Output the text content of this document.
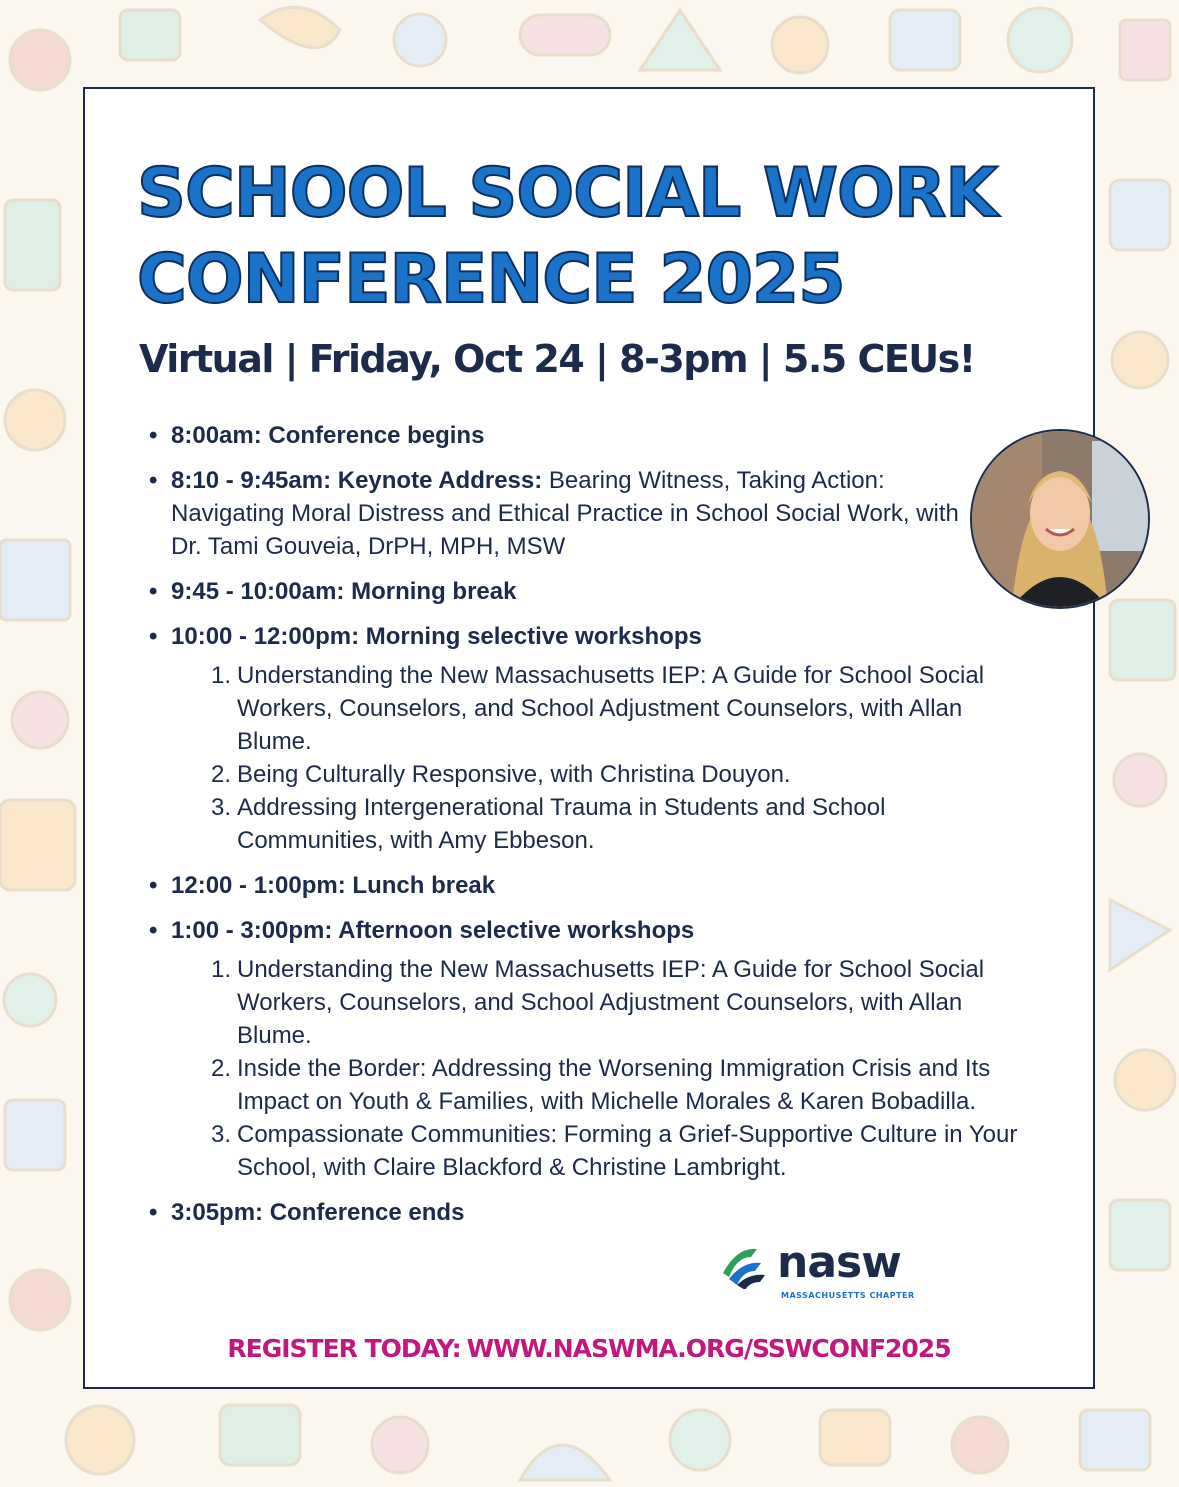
SCHOOL SOCIAL WORK
CONFERENCE 2025
Virtual | Friday, Oct 24 | 8-3pm | 5.5 CEUs!
• 8:00am: Conference begins
• 8:10 - 9:45am: Keynote Address: Bearing Witness, Taking Action: Navigating Moral Distress and Ethical Practice in School Social Work, with Dr. Tami Gouveia, DrPH, MPH, MSW
• 9:45 - 10:00am: Morning break
• 10:00 - 12:00pm: Morning selective workshops
1. Understanding the New Massachusetts IEP: A Guide for School Social Workers, Counselors, and School Adjustment Counselors, with Allan Blume.
2. Being Culturally Responsive, with Christina Douyon.
3. Addressing Intergenerational Trauma in Students and School Communities, with Amy Ebbeson.
• 12:00 - 1:00pm: Lunch break
• 1:00 - 3:00pm: Afternoon selective workshops
1. Understanding the New Massachusetts IEP: A Guide for School Social Workers, Counselors, and School Adjustment Counselors, with Allan Blume.
2. Inside the Border: Addressing the Worsening Immigration Crisis and Its Impact on Youth & Families, with Michelle Morales & Karen Bobadilla.
3. Compassionate Communities: Forming a Grief-Supportive Culture in Your School, with Claire Blackford & Christine Lambright.
• 3:05pm: Conference ends
nasw
MASSACHUSETTS CHAPTER
REGISTER TODAY: WWW.NASWMA.ORG/SSWCONF2025
